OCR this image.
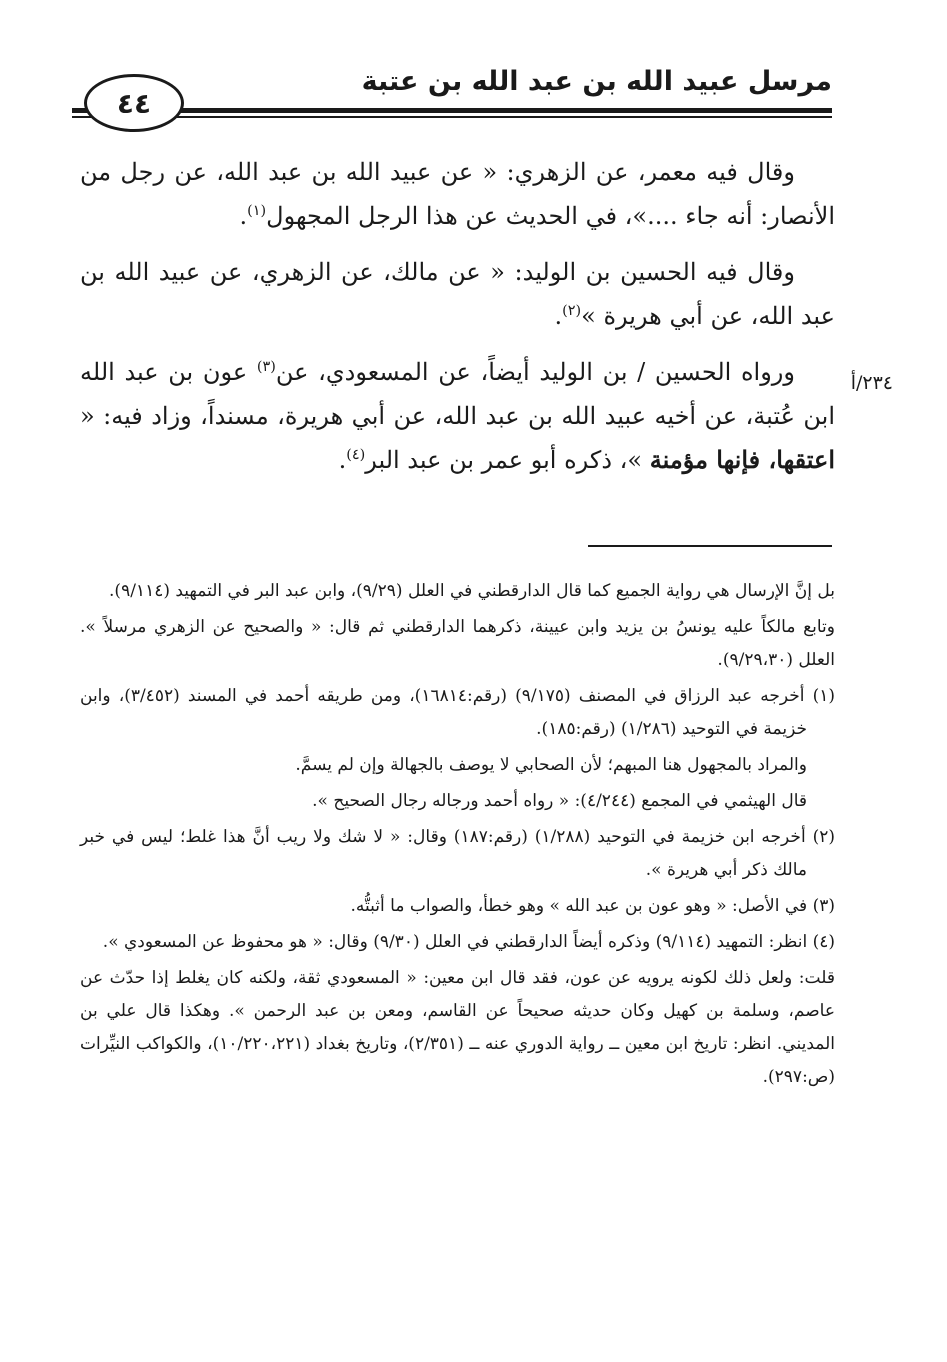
مرسل عبيد الله بن عبد الله بن عتبة
٤٤
٢٣٤/أ

وقال فيه معمر، عن الزهري: « عن عبيد الله بن عبد الله، عن رجل من الأنصار: أنه جاء ....»، في الحديث عن هذا الرجل المجهول$^{(١)}$.

وقال فيه الحسين بن الوليد: « عن مالك، عن الزهري، عن عبيد الله بن عبد الله، عن أبي هريرة »$^{(٢)}$.

ورواه الحسين / بن الوليد أيضاً، عن المسعودي، عن$^{(٣)}$ عون بن عبد الله ابن عُتبة، عن أخيه عبيد الله بن عبد الله، عن أبي هريرة، مسنداً، وزاد فيه: « اعتقها، فإنها مؤمنة »، ذكره أبو عمر بن عبد البر$^{(٤)}$.

بل إنَّ الإرسال هي رواية الجميع كما قال الدارقطني في العلل (٩/٢٩)، وابن عبد البر في التمهيد (٩/١١٤).

وتابع مالكاً عليه يونسُ بن يزيد وابن عيينة، ذكرهما الدارقطني ثم قال: « والصحيح عن الزهري مرسلاً ». العلل (٩/٢٩،٣٠).

(١) أخرجه عبد الرزاق في المصنف (٩/١٧٥) (رقم:١٦٨١٤)، ومن طريقه أحمد في المسند (٣/٤٥٢)، وابن خزيمة في التوحيد (١/٢٨٦) (رقم:١٨٥).

والمراد بالمجهول هنا المبهم؛ لأن الصحابي لا يوصف بالجهالة وإن لم يسمَّ.

قال الهيثمي في المجمع (٤/٢٤٤): « رواه أحمد ورجاله رجال الصحيح ».

(٢) أخرجه ابن خزيمة في التوحيد (١/٢٨٨) (رقم:١٨٧) وقال: « لا شك ولا ريب أنَّ هذا غلط؛ ليس في خبر مالك ذكر أبي هريرة ».

(٣) في الأصل: « وهو عون بن عبد الله » وهو خطأ، والصواب ما أثبتُّه.

(٤) انظر: التمهيد (٩/١١٤) وذكره أيضاً الدارقطني في العلل (٩/٣٠) وقال: « هو محفوظ عن المسعودي ».

قلت: ولعل ذلك لكونه يرويه عن عون، فقد قال ابن معين: « المسعودي ثقة، ولكنه كان يغلط إذا حدّث عن عاصم، وسلمة بن كهيل وكان حديثه صحيحاً عن القاسم، ومعن بن عبد الرحمن ». وهكذا قال علي بن المديني. انظر: تاريخ ابن معين ــ رواية الدوري عنه ــ (٢/٣٥١)، وتاريخ بغداد (١٠/٢٢٠،٢٢١)، والكواكب النيِّرات (ص:٢٩٧).
